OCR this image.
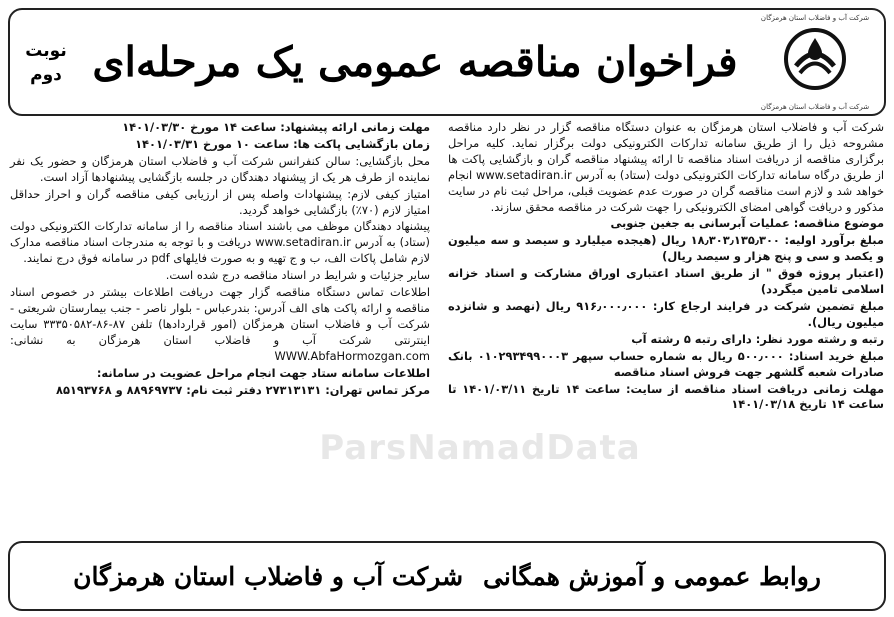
شرکت آب و فاضلاب استان هرمزگان
شرکت آب و فاضلاب استان هرمزگان
فراخوان مناقصه عمومی یک مرحله‌ای
نوبت
دوم

شرکت آب و فاضلاب استان هرمزگان به عنوان دستگاه مناقصه گزار در نظر دارد مناقصه مشروحه ذیل را از طریق سامانه تدارکات الکترونیکی دولت برگزار نماید. کلیه مراحل برگزاری مناقصه از دریافت اسناد مناقصه تا ارائه پیشنهاد مناقصه گران و بازگشایی پاکت ها از طریق درگاه سامانه تدارکات الکترونیکی دولت (ستاد) به آدرس www.setadiran.ir انجام خواهد شد و لازم است مناقصه گران در صورت عدم عضویت قبلی، مراحل ثبت نام در سایت مذکور و دریافت گواهی امضای الکترونیکی را جهت شرکت در مناقصه محقق سازند.

موضوع مناقصه: عملیات آبرسانی به جغین جنوبی

مبلغ برآورد اولیه: ۱۸٫۳۰۳٫۱۳۵٫۳۰۰ ریال (هیجده میلیارد و سیصد و سه میلیون و یکصد و سی و پنج هزار و سیصد ریال)

(اعتبار پروژه فوق " از طریق اسناد اعتباری اوراق مشارکت و اسناد خزانه اسلامی تامین میگردد)

مبلغ تضمین شرکت در فرایند ارجاع کار: ۹۱۶٫۰۰۰٫۰۰۰ ریال (نهصد و شانزده میلیون ریال).

رتبه و رشته مورد نظر: دارای رتبه ۵ رشته آب

مبلغ خرید اسناد: ۵۰۰٫۰۰۰ ریال به شماره حساب سپهر ۰۱۰۲۹۳۴۹۹۰۰۰۳ بانک صادرات شعبه گلشهر جهت فروش اسناد مناقصه

مهلت زمانی دریافت اسناد مناقصه از سایت: ساعت ۱۴ تاریخ ۱۴۰۱/۰۳/۱۱ تا ساعت ۱۴ تاریخ ۱۴۰۱/۰۳/۱۸

مهلت زمانی ارائه پیشنهاد: ساعت ۱۴ مورخ ۱۴۰۱/۰۳/۳۰

زمان بازگشایی پاکت ها: ساعت ۱۰ مورخ ۱۴۰۱/۰۳/۳۱

محل بازگشایی: سالن کنفرانس شرکت آب و فاضلاب استان هرمزگان و حضور یک نفر نماینده از طرف هر یک از پیشنهاد دهندگان در جلسه بازگشایی پیشنهادها آزاد است.

امتیاز کیفی لازم: پیشنهادات واصله پس از ارزیابی کیفی مناقصه گران و احراز حداقل امتیاز لازم (۷۰٪) بازگشایی خواهد گردید.

پیشنهاد دهندگان موظف می باشند اسناد مناقصه را از سامانه تدارکات الکترونیکی دولت (ستاد) به آدرس www.setadiran.ir دریافت و با توجه به مندرجات اسناد مناقصه مدارک لازم شامل پاکات الف، ب و ج تهیه و به صورت فایلهای pdf در سامانه فوق درج نمایند.

سایر جزئیات و شرایط در اسناد مناقصه درج شده است.

اطلاعات تماس دستگاه مناقصه گزار جهت دریافت اطلاعات بیشتر در خصوص اسناد مناقصه و ارائه پاکت های الف آدرس: بندرعباس - بلوار ناصر - جنب بیمارستان شریعتی - شرکت آب و فاضلاب استان هرمزگان (امور قراردادها) تلفن ۸۷-۸۶-۳۳۳۵۰۵۸۲ سایت اینترنتی شرکت آب و فاضلاب استان هرمزگان به نشانی: WWW.AbfaHormozgan.com

اطلاعات سامانه ستاد جهت انجام مراحل عضویت در سامانه:

مرکز تماس تهران: ۲۷۳۱۳۱۳۱ دفتر ثبت نام: ۸۸۹۶۹۷۳۷ و ۸۵۱۹۳۷۶۸

ParsNamadData
روابط عمومی و آموزش همگانی
شرکت آب و فاضلاب استان هرمزگان
